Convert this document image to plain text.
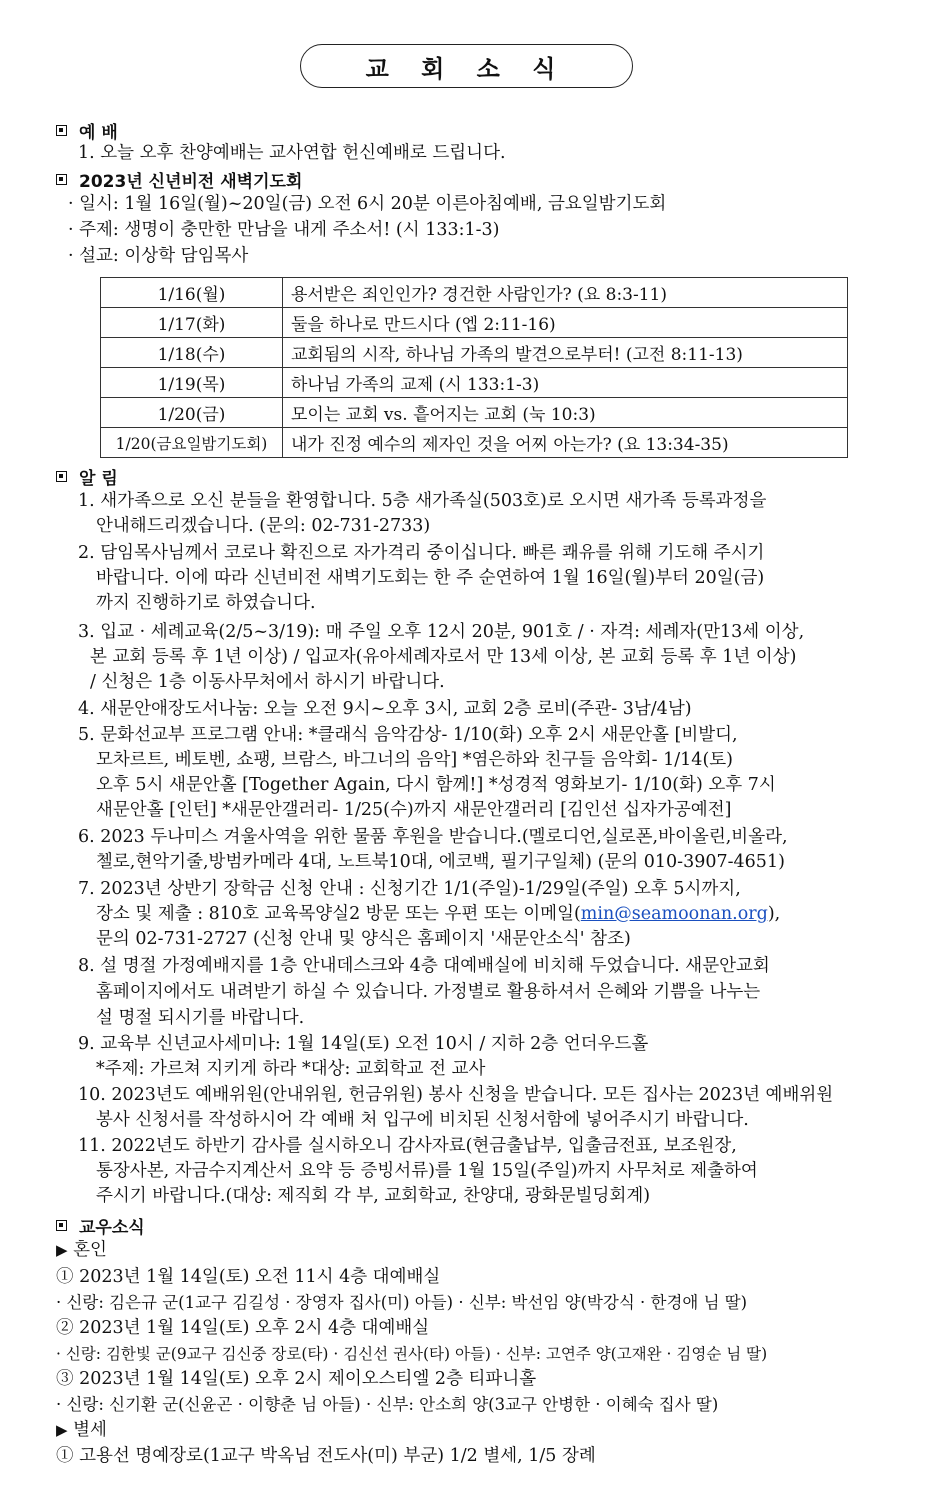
교 회 소 식
예 배
1. 오늘 오후 찬양예배는 교사연합 헌신예배로 드립니다.
2023년 신년비전 새벽기도회
· 일시: 1월 16일(월)~20일(금) 오전 6시 20분 이른아침예배, 금요일밤기도회
· 주제: 생명이 충만한 만남을 내게 주소서! (시 133:1-3)
· 설교: 이상학 담임목사
1/16(월)	용서받은 죄인인가? 경건한 사람인가? (요 8:3-11)
1/17(화)	둘을 하나로 만드시다 (엡 2:11-16)
1/18(수)	교회됨의 시작, 하나님 가족의 발견으로부터! (고전 8:11-13)
1/19(목)	하나님 가족의 교제 (시 133:1-3)
1/20(금)	모이는 교회 vs. 흩어지는 교회 (눅 10:3)
1/20(금요일밤기도회)	내가 진정 예수의 제자인 것을 어찌 아는가? (요 13:34-35)
알 림
1. 새가족으로 오신 분들을 환영합니다. 5층 새가족실(503호)로 오시면 새가족 등록과정을
안내해드리겠습니다. (문의: 02-731-2733)
2. 담임목사님께서 코로나 확진으로 자가격리 중이십니다. 빠른 쾌유를 위해 기도해 주시기
바랍니다. 이에 따라 신년비전 새벽기도회는 한 주 순연하여 1월 16일(월)부터 20일(금)
까지 진행하기로 하였습니다.
3. 입교 · 세례교육(2/5~3/19): 매 주일 오후 12시 20분, 901호 / · 자격: 세례자(만13세 이상,
본 교회 등록 후 1년 이상) / 입교자(유아세례자로서 만 13세 이상, 본 교회 등록 후 1년 이상)
/ 신청은 1층 이동사무처에서 하시기 바랍니다.
4. 새문안애장도서나눔: 오늘 오전 9시~오후 3시, 교회 2층 로비(주관- 3남/4남)
5. 문화선교부 프로그램 안내: *클래식 음악감상- 1/10(화) 오후 2시 새문안홀 [비발디,
모차르트, 베토벤, 쇼팽, 브람스, 바그너의 음악] *염은하와 친구들 음악회- 1/14(토)
오후 5시 새문안홀 [Together Again, 다시 함께!] *성경적 영화보기- 1/10(화) 오후 7시
새문안홀 [인턴] *새문안갤러리- 1/25(수)까지 새문안갤러리 [김인선 십자가공예전]
6. 2023 두나미스 겨울사역을 위한 물품 후원을 받습니다.(멜로디언,실로폰,바이올린,비올라,
첼로,현악기줄,방범카메라 4대, 노트북10대, 에코백, 필기구일체) (문의 010-3907-4651)
7. 2023년 상반기 장학금 신청 안내 : 신청기간 1/1(주일)-1/29일(주일) 오후 5시까지,
장소 및 제출 : 810호 교육목양실2 방문 또는 우편 또는 이메일(min@seamoonan.org),
문의 02-731-2727 (신청 안내 및 양식은 홈페이지 '새문안소식' 참조)
8. 설 명절 가정예배지를 1층 안내데스크와 4층 대예배실에 비치해 두었습니다. 새문안교회
홈페이지에서도 내려받기 하실 수 있습니다. 가정별로 활용하셔서 은혜와 기쁨을 나누는
설 명절 되시기를 바랍니다.
9. 교육부 신년교사세미나: 1월 14일(토) 오전 10시 / 지하 2층 언더우드홀
*주제: 가르쳐 지키게 하라 *대상: 교회학교 전 교사
10. 2023년도 예배위원(안내위원, 헌금위원) 봉사 신청을 받습니다. 모든 집사는 2023년 예배위원
봉사 신청서를 작성하시어 각 예배 처 입구에 비치된 신청서함에 넣어주시기 바랍니다.
11. 2022년도 하반기 감사를 실시하오니 감사자료(현금출납부, 입출금전표, 보조원장,
통장사본, 자금수지계산서 요약 등 증빙서류)를 1월 15일(주일)까지 사무처로 제출하여
주시기 바랍니다.(대상: 제직회 각 부, 교회학교, 찬양대, 광화문빌딩회계)
교우소식
▶ 혼인
① 2023년 1월 14일(토) 오전 11시 4층 대예배실
· 신랑: 김은규 군(1교구 김길성 · 장영자 집사(미) 아들) · 신부: 박선임 양(박강식 · 한경애 님 딸)
② 2023년 1월 14일(토) 오후 2시 4층 대예배실
· 신랑: 김한빛 군(9교구 김신중 장로(타) · 김신선 권사(타) 아들) · 신부: 고연주 양(고재완 · 김영순 님 딸)
③ 2023년 1월 14일(토) 오후 2시 제이오스티엘 2층 티파니홀
· 신랑: 신기환 군(신윤곤 · 이향춘 님 아들) · 신부: 안소희 양(3교구 안병한 · 이혜숙 집사 딸)
▶ 별세
① 고용선 명예장로(1교구 박옥님 전도사(미) 부군) 1/2 별세, 1/5 장례
